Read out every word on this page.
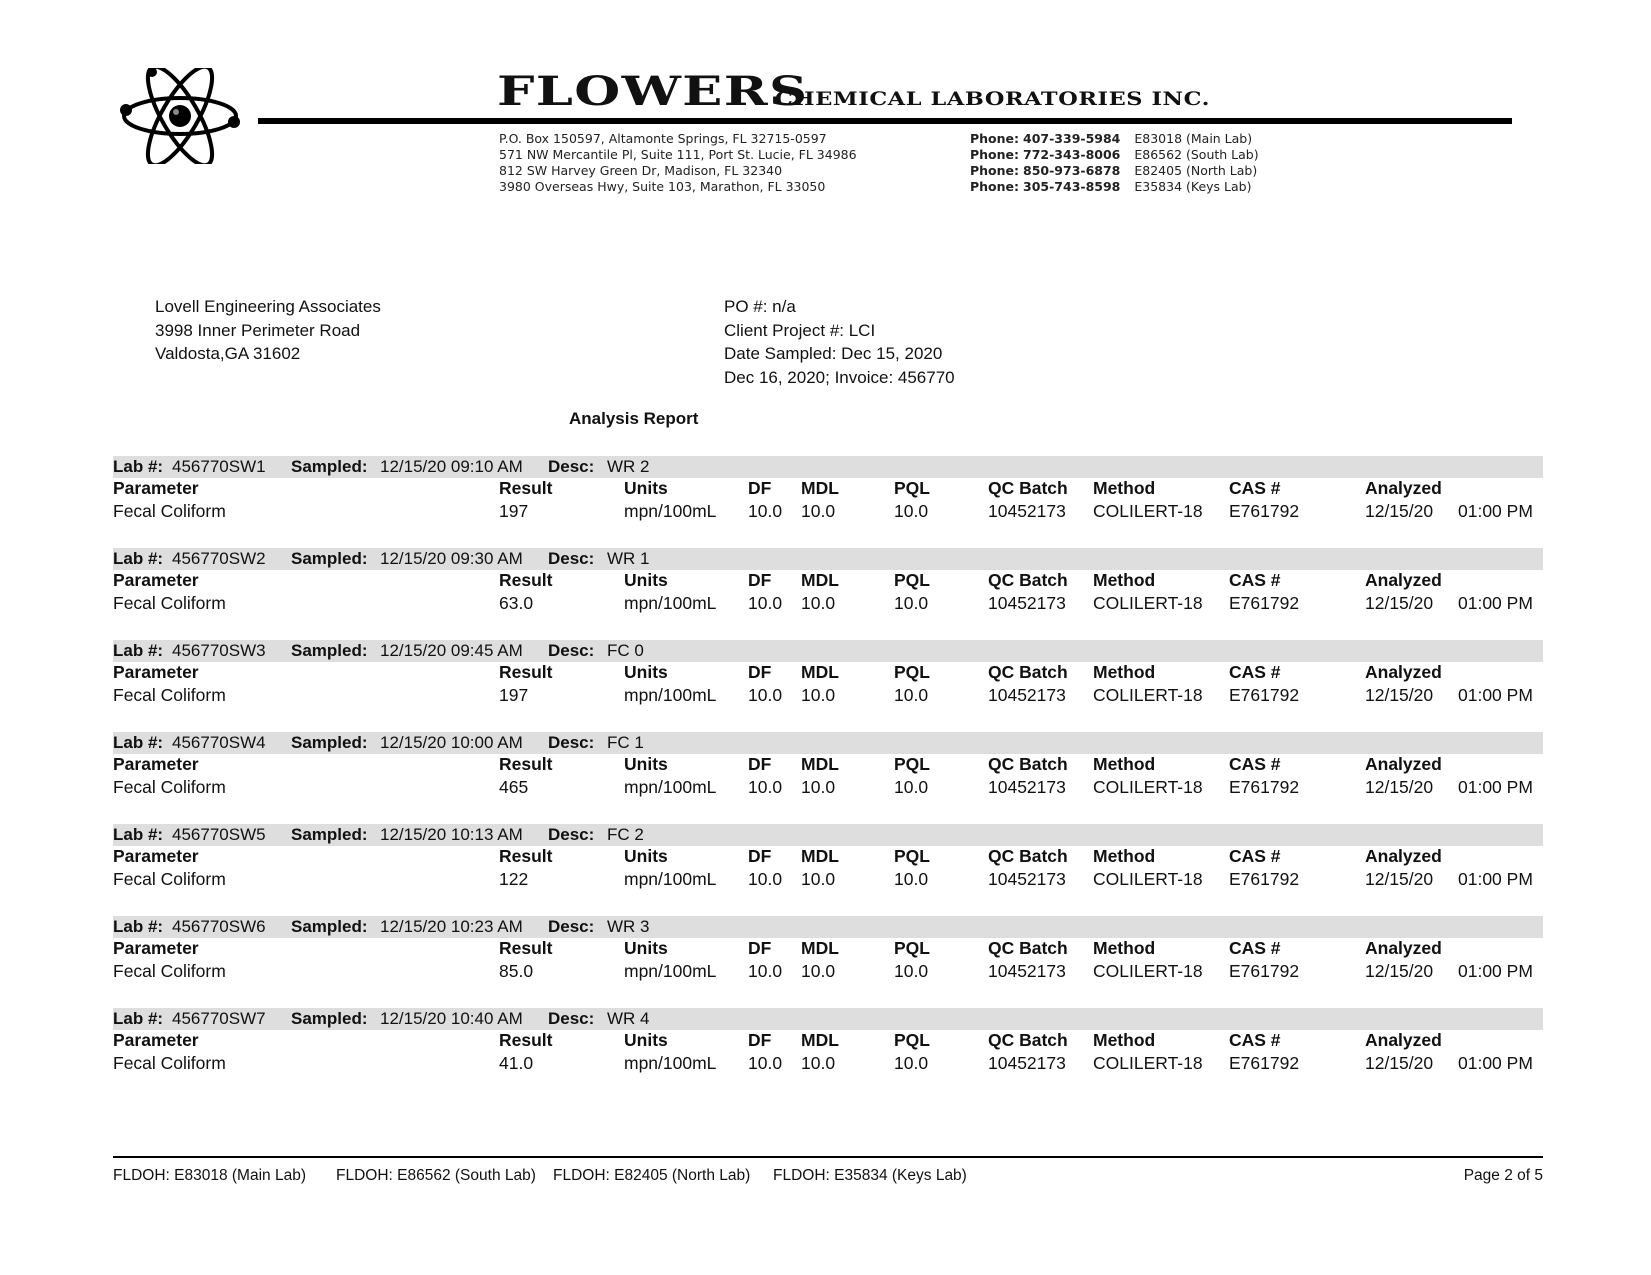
FLOWERS
CHEMICAL LABORATORIES INC.
P.O. Box 150597, Altamonte Springs, FL 32715-0597
571 NW Mercantile Pl, Suite 111, Port St. Lucie, FL 34986
812 SW Harvey Green Dr, Madison, FL 32340
3980 Overseas Hwy, Suite 103, Marathon, FL 33050
Phone: 407-339-5984 E83018 (Main Lab)
Phone: 772-343-8006 E86562 (South Lab)
Phone: 850-973-6878 E82405 (North Lab)
Phone: 305-743-8598 E35834 (Keys Lab)
Lovell Engineering Associates
3998 Inner Perimeter Road
Valdosta,GA 31602
PO #: n/a
Client Project #: LCI
Date Sampled: Dec 15, 2020
Dec 16, 2020; Invoice: 456770
Analysis Report
Lab #: 456770SW1 Sampled: 12/15/20 09:10 AM Desc: WR 2
Parameter	Result	Units	DF MDL	PQL	QC Batch Method	CAS #	Analyzed
Fecal Coliform	197	mpn/100mL 10.0 10.0	10.0	10452173 COLILERT-18 E761792	12/15/20 01:00 PM
Lab #: 456770SW2 Sampled: 12/15/20 09:30 AM Desc: WR 1
Parameter	Result	Units	DF MDL	PQL	QC Batch Method	CAS #	Analyzed
Fecal Coliform	63.0	mpn/100mL 10.0 10.0	10.0	10452173 COLILERT-18 E761792	12/15/20 01:00 PM
Lab #: 456770SW3 Sampled: 12/15/20 09:45 AM Desc: FC 0
Parameter	Result	Units	DF MDL	PQL	QC Batch Method	CAS #	Analyzed
Fecal Coliform	197	mpn/100mL 10.0 10.0	10.0	10452173 COLILERT-18 E761792	12/15/20 01:00 PM
Lab #: 456770SW4 Sampled: 12/15/20 10:00 AM Desc: FC 1
Parameter	Result	Units	DF MDL	PQL	QC Batch Method	CAS #	Analyzed
Fecal Coliform	465	mpn/100mL 10.0 10.0	10.0	10452173 COLILERT-18 E761792	12/15/20 01:00 PM
Lab #: 456770SW5 Sampled: 12/15/20 10:13 AM Desc: FC 2
Parameter	Result	Units	DF MDL	PQL	QC Batch Method	CAS #	Analyzed
Fecal Coliform	122	mpn/100mL 10.0 10.0	10.0	10452173 COLILERT-18 E761792	12/15/20 01:00 PM
Lab #: 456770SW6 Sampled: 12/15/20 10:23 AM Desc: WR 3
Parameter	Result	Units	DF MDL	PQL	QC Batch Method	CAS #	Analyzed
Fecal Coliform	85.0	mpn/100mL 10.0 10.0	10.0	10452173 COLILERT-18 E761792	12/15/20 01:00 PM
Lab #: 456770SW7 Sampled: 12/15/20 10:40 AM Desc: WR 4
Parameter	Result	Units	DF MDL	PQL	QC Batch Method	CAS #	Analyzed
Fecal Coliform	41.0	mpn/100mL 10.0 10.0	10.0	10452173 COLILERT-18 E761792	12/15/20 01:00 PM
FLDOH: E83018 (Main Lab) FLDOH: E86562 (South Lab) FLDOH: E82405 (North Lab) FLDOH: E35834 (Keys Lab)	Page 2 of 5
